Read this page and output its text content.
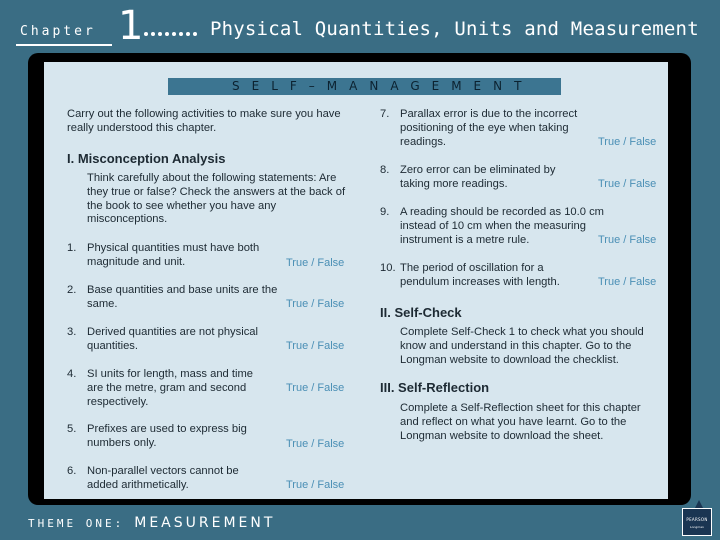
Chapter 1	Physical Quantities, Units and Measurement
SELF–MANAGEMENT
Carry out the following activities to make sure you have really understood this chapter.
I. Misconception Analysis
Think carefully about the following statements: Are they true or false? Check the answers at the back of the book to see whether you have any misconceptions.
1. Physical quantities must have both magnitude and unit.	True / False
2. Base quantities and base units are the same.	True / False
3. Derived quantities are not physical quantities.	True / False
4. SI units for length, mass and time are the metre, gram and second respectively.
True / False
5. Prefixes are used to express big numbers only.	True / False
6. Non-parallel vectors cannot be added arithmetically.	True / False
7. Parallax error is due to the incorrect positioning of the eye when taking readings.	True / False
8. Zero error can be eliminated by taking more readings.	True / False
9. A reading should be recorded as 10.0 cm instead of 10 cm when the measuring instrument is a metre rule.	True / False
10. The period of oscillation for a pendulum increases with length.	True / False
II. Self-Check
Complete Self-Check 1 to check what you should know and understand in this chapter. Go to the Longman website to download the checklist.
III. Self-Reflection
Complete a Self-Reflection sheet for this chapter and reflect on what you have learnt. Go to the Longman website to download the sheet.
THEME ONE: MEASUREMENT	PEARSON
Longman
